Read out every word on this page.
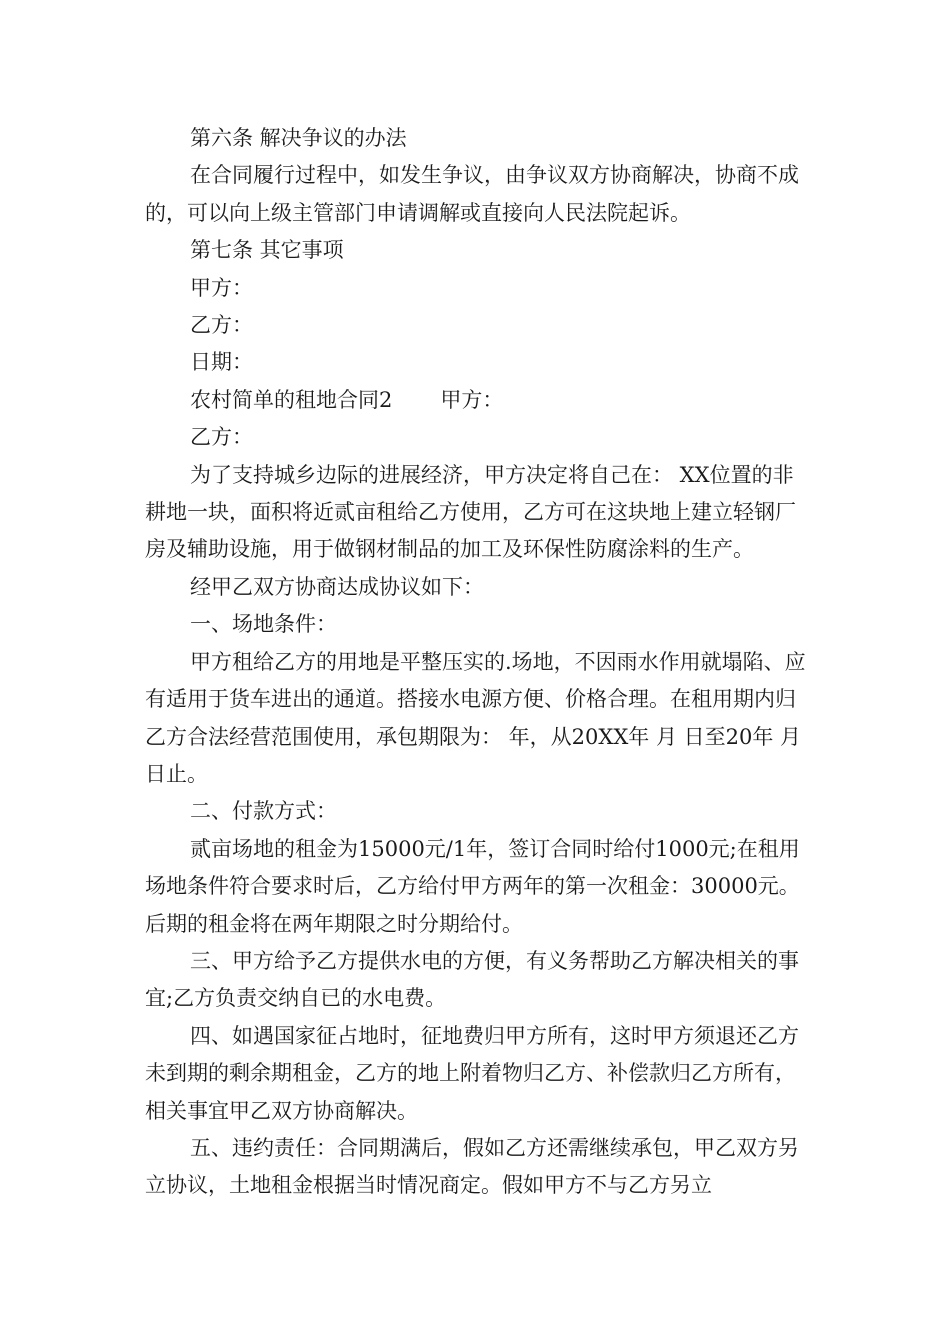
第六条 解决争议的办法

在合同履行过程中，如发生争议，由争议双方协商解决，协商不成的，可以向上级主管部门申请调解或直接向人民法院起诉。

第七条 其它事项

甲方：

乙方：

日期：

农村简单的租地合同2 甲方：

乙方：

为了支持城乡边际的进展经济，甲方决定将自己在： XX位置的非耕地一块，面积将近贰亩租给乙方使用，乙方可在这块地上建立轻钢厂房及辅助设施，用于做钢材制品的加工及环保性防腐涂料的生产。

经甲乙双方协商达成协议如下：

一、场地条件：

甲方租给乙方的用地是平整压实的.场地，不因雨水作用就塌陷、应有适用于货车进出的通道。搭接水电源方便、价格合理。在租用期内归乙方合法经营范围使用，承包期限为： 年，从20XX年 月 日至20年 月 日止。

二、付款方式：

贰亩场地的租金为15000元/1年，签订合同时给付1000元;在租用场地条件符合要求时后，乙方给付甲方两年的第一次租金：30000元。后期的租金将在两年期限之时分期给付。

三、甲方给予乙方提供水电的方便，有义务帮助乙方解决相关的事宜;乙方负责交纳自已的水电费。

四、如遇国家征占地时，征地费归甲方所有，这时甲方须退还乙方未到期的剩余期租金，乙方的地上附着物归乙方、补偿款归乙方所有，相关事宜甲乙双方协商解决。

五、违约责任：合同期满后，假如乙方还需继续承包，甲乙双方另立协议，土地租金根据当时情况商定。假如甲方不与乙方另立
